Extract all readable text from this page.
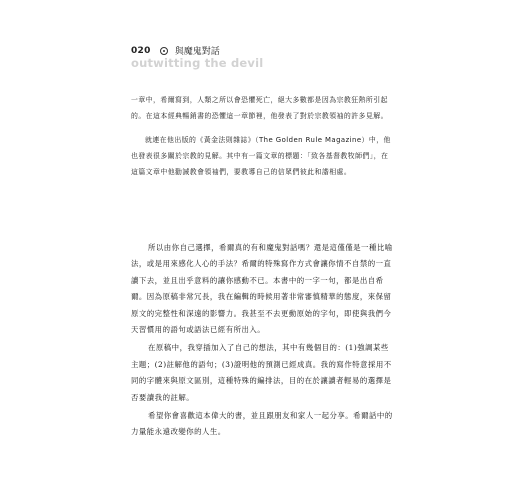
020	與魔鬼對話
outwitting the devil

一章中，希爾寫到，人類之所以會恐懼死亡，絕大多數都是因為宗教狂熱所引起的。在這本經典暢銷書的恐懼這一章節裡，他發表了對於宗教領袖的許多見解。

就連在他出版的《黃金法則雜誌》（The Golden Rule Magazine）中，他也發表很多關於宗教的見解。其中有一篇文章的標題：「致各基督教牧師們」，在這篇文章中他勸誡教會領袖們，要教導自己的信眾們彼此和諧相處。

所以由你自己選擇，希爾真的有和魔鬼對話嗎？還是這僅僅是一種比喻法，或是用來感化人心的手法？希爾的特殊寫作方式會讓你情不自禁的一直讀下去，並且出乎意料的讓你感動不已。本書中的一字一句，都是出自希爾。因為原稿非常冗長，我在編輯的時候用著非常審慎精華的態度，來保留原文的完整性和深遠的影響力。我甚至不去更動原始的字句，即使與我們今天習慣用的語句或語法已經有所出入。

在原稿中，我穿插加入了自己的想法，其中有幾個目的：(1)強調某些主題；(2)註解他的語句；(3)證明他的預測已經成真。我的寫作特意採用不同的字體來與原文區別，這種特殊的編排法，目的在於讓讀者輕易的選擇是否要讀我的註解。

希望你會喜歡這本偉大的書，並且跟朋友和家人一起分享。希爾話中的力量能永遠改變你的人生。
